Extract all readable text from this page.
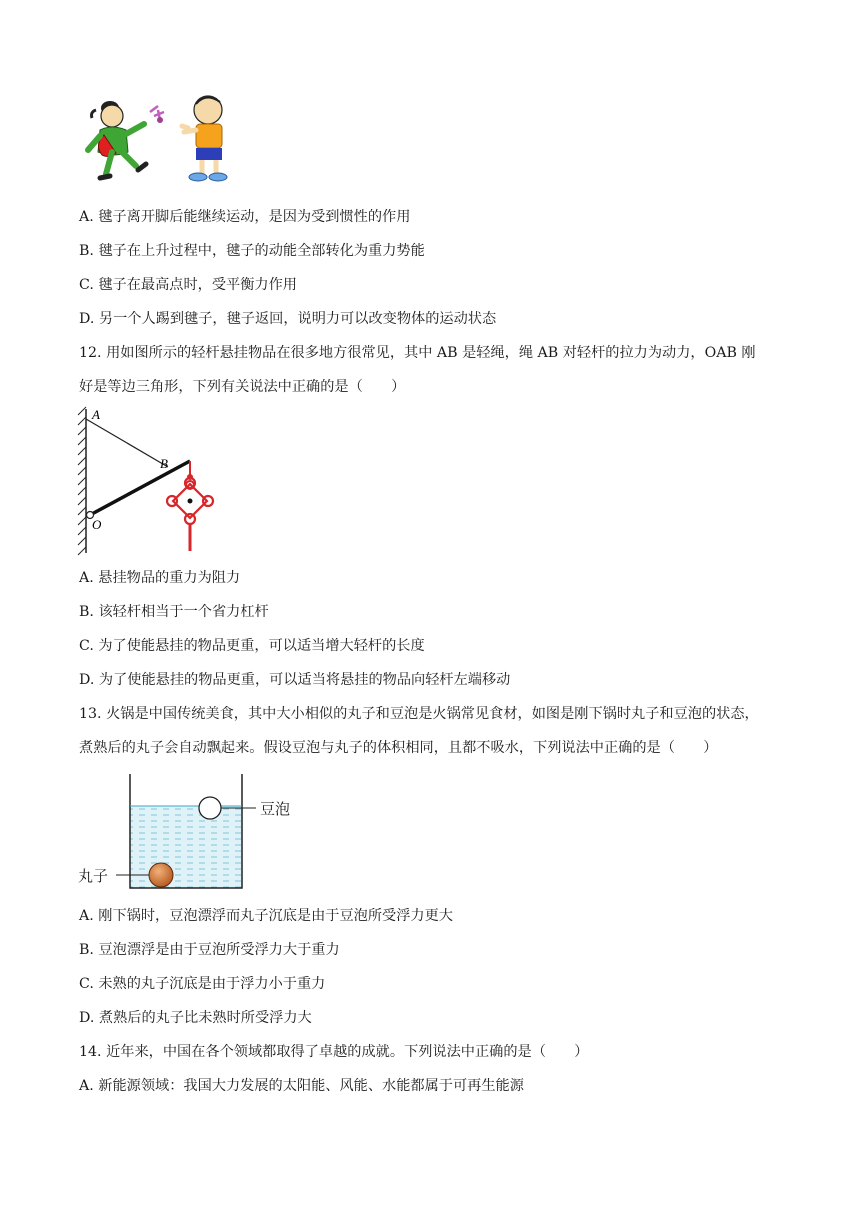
A. 毽子离开脚后能继续运动，是因为受到惯性的作用
B. 毽子在上升过程中，毽子的动能全部转化为重力势能
C. 毽子在最高点时，受平衡力作用
D. 另一个人踢到毽子，毽子返回，说明力可以改变物体的运动状态
12. 用如图所示的轻杆悬挂物品在很多地方很常见，其中 AB 是轻绳，绳 AB 对轻杆的拉力为动力，OAB 刚
好是等边三角形，下列有关说法中正确的是（　　）
A
B
O
A. 悬挂物品的重力为阻力
B. 该轻杆相当于一个省力杠杆
C. 为了使能悬挂的物品更重，可以适当增大轻杆的长度
D. 为了使能悬挂的物品更重，可以适当将悬挂的物品向轻杆左端移动
13. 火锅是中国传统美食，其中大小相似的丸子和豆泡是火锅常见食材，如图是刚下锅时丸子和豆泡的状态，
煮熟后的丸子会自动飘起来。假设豆泡与丸子的体积相同，且都不吸水，下列说法中正确的是（　　）
豆泡
丸子
A. 刚下锅时，豆泡漂浮而丸子沉底是由于豆泡所受浮力更大
B. 豆泡漂浮是由于豆泡所受浮力大于重力
C. 未熟的丸子沉底是由于浮力小于重力
D. 煮熟后的丸子比未熟时所受浮力大
14. 近年来，中国在各个领域都取得了卓越的成就。下列说法中正确的是（　　）
A. 新能源领域：我国大力发展的太阳能、风能、水能都属于可再生能源
